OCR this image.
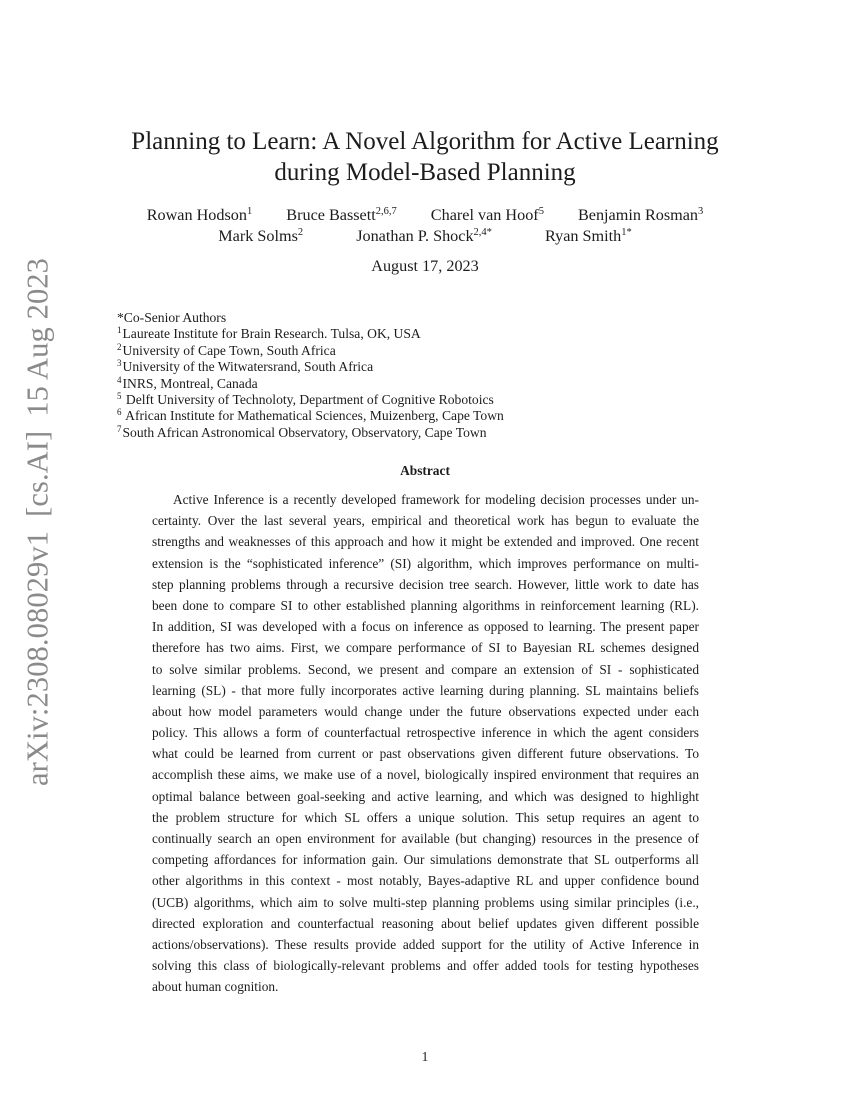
arXiv:2308.08029v1[cs.AI]15 Aug 2023
Planning to Learn: A Novel Algorithm for Active Learning
during Model-Based Planning
Rowan Hodson$^1$ Bruce Bassett$^{2,6,7}$ Charel van Hoof$^5$ Benjamin Rosman$^3$
Mark Solms$^2$	Jonathan P. Shock$^{2,4*}$	Ryan Smith$^{1*}$
August 17, 2023
*Co-Senior Authors
$^1$Laureate Institute for Brain Research. Tulsa, OK, USA
$^2$University of Cape Town, South Africa
$^3$University of the Witwatersrand, South Africa
$^4$INRS, Montreal, Canada
$^5$ Delft University of Technoloty, Department of Cognitive Robotoics
$^6$ African Institute for Mathematical Sciences, Muizenberg, Cape Town
$^7$South African Astronomical Observatory, Observatory, Cape Town
Abstract
Active Inference is a recently developed framework for modeling decision processes under un-
certainty. Over the last several years, empirical and theoretical work has begun to evaluate the
strengths and weaknesses of this approach and how it might be extended and improved. One recent
extension is the “sophisticated inference” (SI) algorithm, which improves performance on multi-
step planning problems through a recursive decision tree search. However, little work to date has
been done to compare SI to other established planning algorithms in reinforcement learning (RL).
In addition, SI was developed with a focus on inference as opposed to learning. The present paper
therefore has two aims. First, we compare performance of SI to Bayesian RL schemes designed
to solve similar problems. Second, we present and compare an extension of SI - sophisticated
learning (SL) - that more fully incorporates active learning during planning. SL maintains beliefs
about how model parameters would change under the future observations expected under each
policy. This allows a form of counterfactual retrospective inference in which the agent considers
what could be learned from current or past observations given different future observations. To
accomplish these aims, we make use of a novel, biologically inspired environment that requires an
optimal balance between goal-seeking and active learning, and which was designed to highlight
the problem structure for which SL offers a unique solution. This setup requires an agent to
continually search an open environment for available (but changing) resources in the presence of
competing affordances for information gain. Our simulations demonstrate that SL outperforms all
other algorithms in this context - most notably, Bayes-adaptive RL and upper confidence bound
(UCB) algorithms, which aim to solve multi-step planning problems using similar principles (i.e.,
directed exploration and counterfactual reasoning about belief updates given different possible
actions/observations). These results provide added support for the utility of Active Inference in
solving this class of biologically-relevant problems and offer added tools for testing hypotheses
about human cognition.
1
